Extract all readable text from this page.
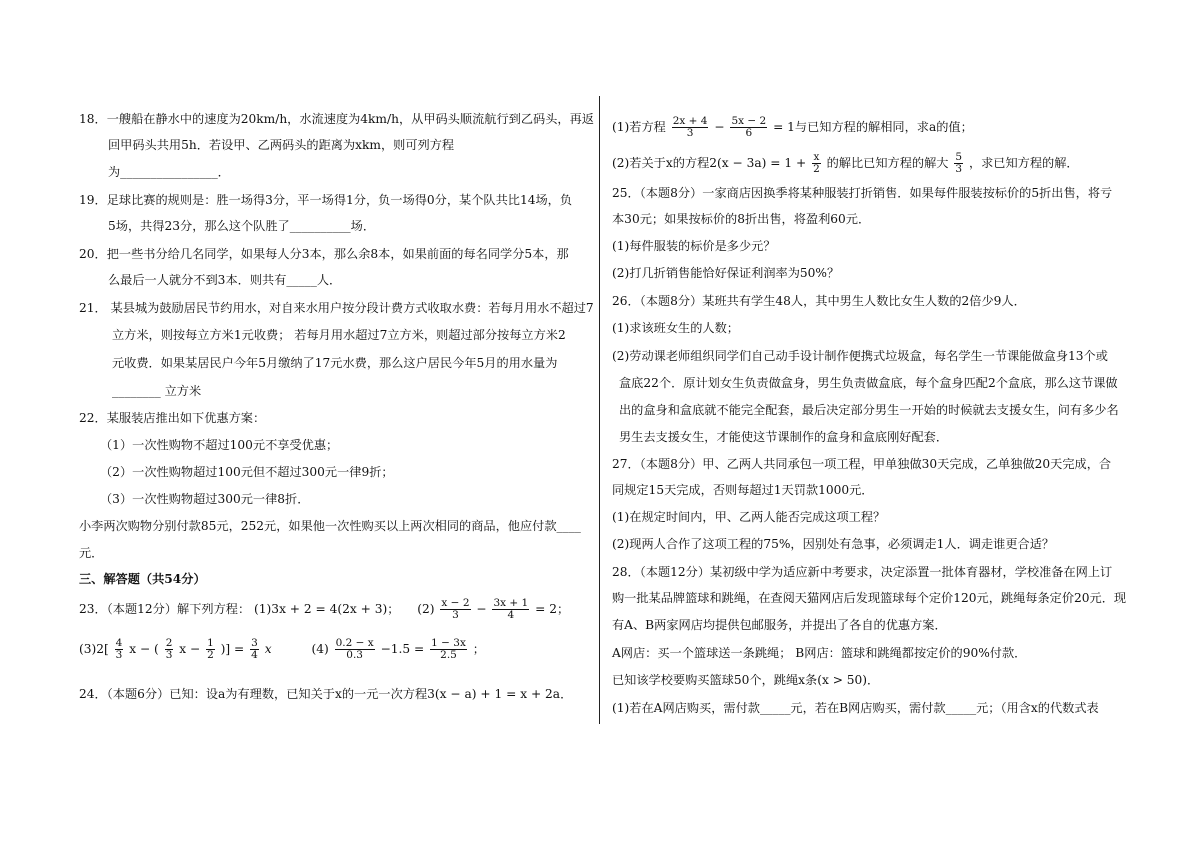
18．一艘船在静水中的速度为20km/h，水流速度为4km/h，从甲码头顺流航行到乙码头，再返
回甲码头共用5h．若设甲、乙两码头的距离为xkm，则可列方程
为________________．
19．足球比赛的规则是：胜一场得3分，平一场得1分，负一场得0分，某个队共比14场，负
5场，共得23分，那么这个队胜了__________场．
20．把一些书分给几名同学，如果每人分3本，那么余8本，如果前面的每名同学分5本，那
么最后一人就分不到3本．则共有_____人．
21． 某县城为鼓励居民节约用水，对自来水用户按分段计费方式收取水费：若每月用水不超过7
立方米，则按每立方米1元收费； 若每月用水超过7立方米，则超过部分按每立方米2
元收费．如果某居民户今年5月缴纳了17元水费，那么这户居民今年5月的用水量为
________ 立方米
22．某服装店推出如下优惠方案：
（1）一次性购物不超过100元不享受优惠；
（2）一次性购物超过100元但不超过300元一律9折；
（3）一次性购物超过300元一律8折．
小李两次购物分别付款85元，252元，如果他一次性购买以上两次相同的商品，他应付款____
元．
三、解答题（共54分）
23．（本题12分）解下列方程： (1)3x + 2 = 4(2x + 3)； $(2) \frac{x - 2}{3} - \frac{3x + 1}{4} = 2$；
$(3)2[ \frac{4}{3}$ x − ( $\frac{2}{3}$ $x - \frac{1}{2}$ )] = $\frac{3}{4}$ x	$(4) \frac{0.2 - x}{0.3} -1.5 = \frac{1 - 3x}{2.5}$ ；
24．（本题6分）已知：设a为有理数，已知关于x的一元一次方程3(x − a) + 1 = x + 2a．
(1)若方程 $\frac{2x + 4}{3} - \frac{5x - 2}{6} = 1$与已知方程的解相同，求a的值；
(2)若关于x的方程$2(x - 3a) = 1 + \frac{x}{2}$ 的解比已知方程的解大 $\frac{5}{3}$ ，求已知方程的解．
25．（本题8分）一家商店因换季将某种服装打折销售．如果每件服装按标价的5折出售，将亏
本30元；如果按标价的8折出售，将盈利60元．
(1)每件服装的标价是多少元？
(2)打几折销售能恰好保证利润率为50%？
26．（本题8分）某班共有学生48人，其中男生人数比女生人数的2倍少9人．
(1)求该班女生的人数；
(2)劳动课老师组织同学们自己动手设计制作便携式垃圾盒，每名学生一节课能做盒身13个或
盒底22个．原计划女生负责做盒身，男生负责做盒底，每个盒身匹配2个盒底，那么这节课做
出的盒身和盒底就不能完全配套，最后决定部分男生一开始的时候就去支援女生，问有多少名
男生去支援女生，才能使这节课制作的盒身和盒底刚好配套．
27．（本题8分）甲、乙两人共同承包一项工程，甲单独做30天完成，乙单独做20天完成，合
同规定15天完成，否则每超过1天罚款1000元．
(1)在规定时间内，甲、乙两人能否完成这项工程？
(2)现两人合作了这项工程的75%，因别处有急事，必须调走1人．调走谁更合适？
28．（本题12分）某初级中学为适应新中考要求，决定添置一批体育器材，学校准备在网上订
购一批某品牌篮球和跳绳，在查阅天猫网店后发现篮球每个定价120元，跳绳每条定价20元．现
有A、B两家网店均提供包邮服务，并提出了各自的优惠方案．
A网店：买一个篮球送一条跳绳； B网店：篮球和跳绳都按定价的90%付款．
已知该学校要购买篮球50个，跳绳x条(x > 50)．
(1)若在A网店购买，需付款_____元，若在B网店购买，需付款_____元；（用含x的代数式表
